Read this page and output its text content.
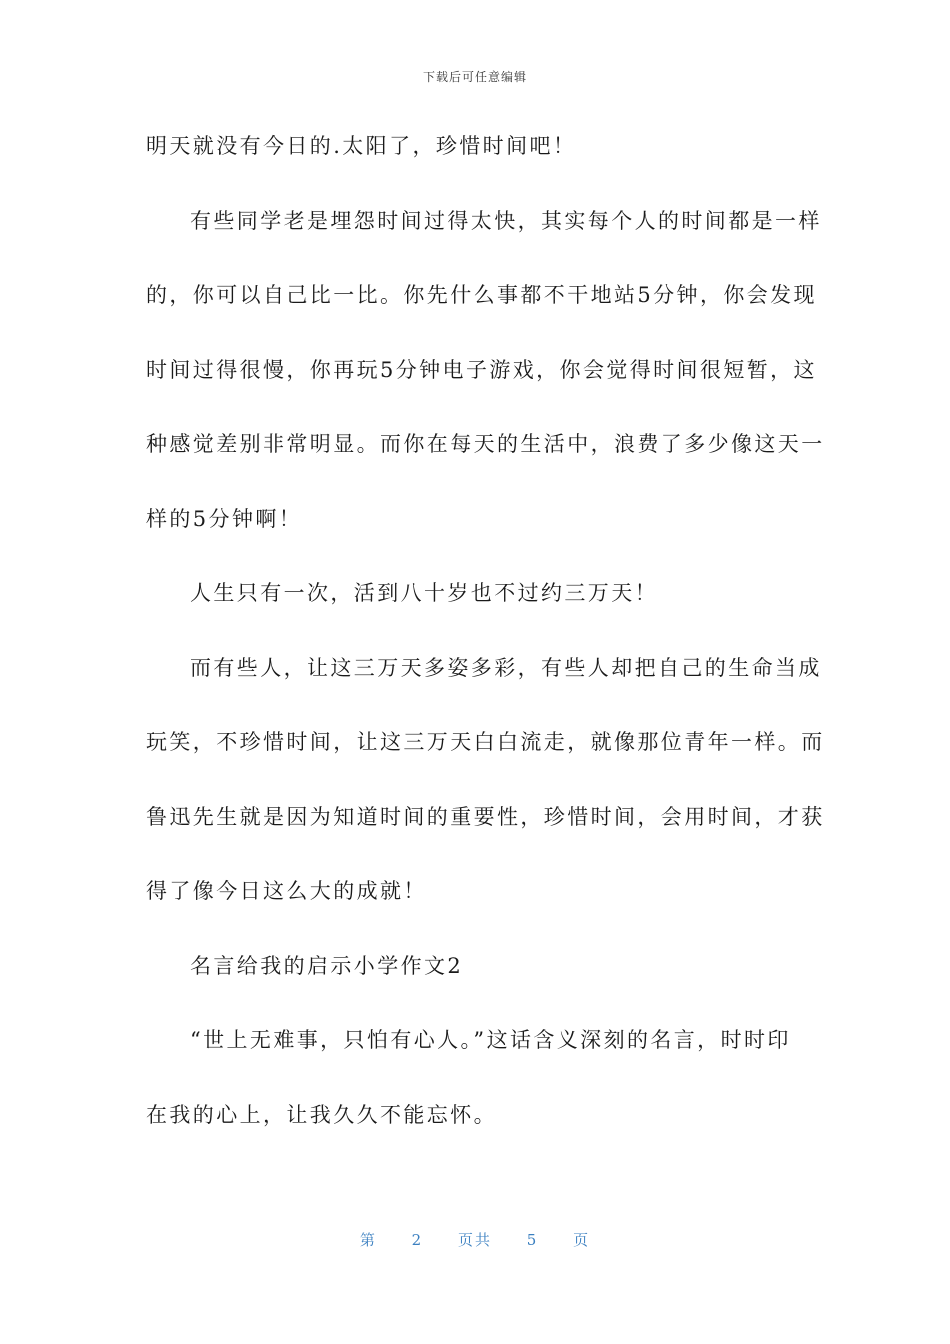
下载后可任意编辑
明天就没有今日的.太阳了，珍惜时间吧！
有些同学老是埋怨时间过得太快，其实每个人的时间都是一样
的，你可以自己比一比。你先什么事都不干地站5分钟，你会发现
时间过得很慢，你再玩5分钟电子游戏，你会觉得时间很短暂，这
种感觉差别非常明显。而你在每天的生活中，浪费了多少像这天一
样的5分钟啊！
人生只有一次，活到八十岁也不过约三万天！
而有些人，让这三万天多姿多彩，有些人却把自己的生命当成
玩笑，不珍惜时间，让这三万天白白流走，就像那位青年一样。而
鲁迅先生就是因为知道时间的重要性，珍惜时间，会用时间，才获
得了像今日这么大的成就！
名言给我的启示小学作文2
“世上无难事，只怕有心人。”这话含义深刻的名言，时时印
在我的心上，让我久久不能忘怀。
第 2 页共 5 页
